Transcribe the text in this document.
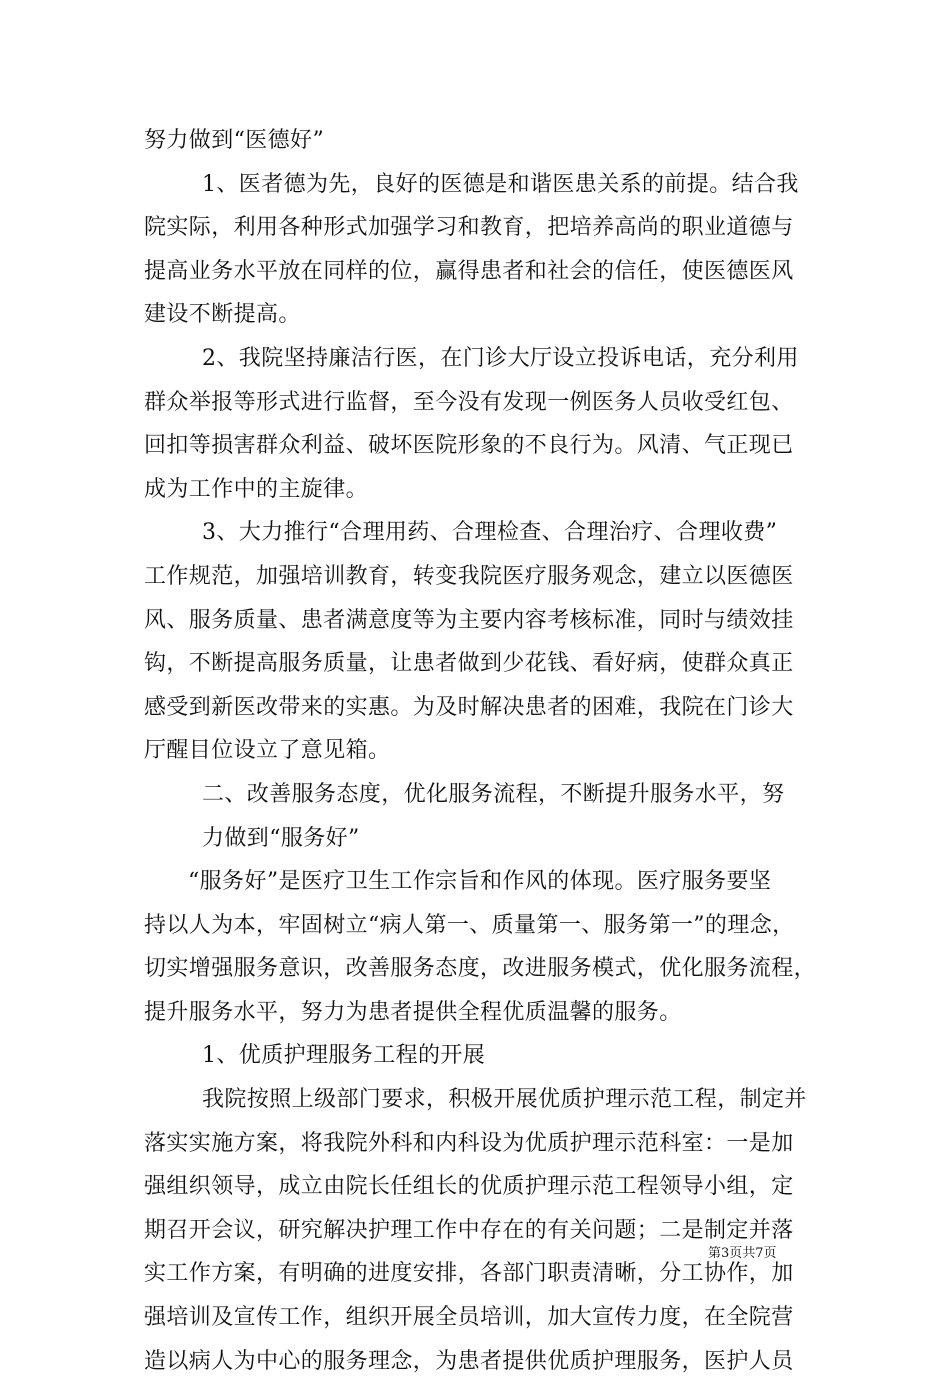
努力做到“医德好”
1、医者德为先，良好的医德是和谐医患关系的前提。结合我
院实际，利用各种形式加强学习和教育，把培养高尚的职业道德与
提高业务水平放在同样的位，赢得患者和社会的信任，使医德医风
建设不断提高。
2、我院坚持廉洁行医，在门诊大厅设立投诉电话，充分利用
群众举报等形式进行监督，至今没有发现一例医务人员收受红包、
回扣等损害群众利益、破坏医院形象的不良行为。风清、气正现已
成为工作中的主旋律。
3、大力推行“合理用药、合理检查、合理治疗、合理收费”
工作规范，加强培训教育，转变我院医疗服务观念，建立以医德医
风、服务质量、患者满意度等为主要内容考核标准，同时与绩效挂
钩，不断提高服务质量，让患者做到少花钱、看好病，使群众真正
感受到新医改带来的实惠。为及时解决患者的困难，我院在门诊大
厅醒目位设立了意见箱。
二、改善服务态度，优化服务流程，不断提升服务水平，努
力做到“服务好”
“服务好”是医疗卫生工作宗旨和作风的体现。医疗服务要坚
持以人为本，牢固树立“病人第一、质量第一、服务第一”的理念，
切实增强服务意识，改善服务态度，改进服务模式，优化服务流程，
提升服务水平，努力为患者提供全程优质温馨的服务。
1、优质护理服务工程的开展
我院按照上级部门要求，积极开展优质护理示范工程，制定并
落实实施方案，将我院外科和内科设为优质护理示范科室：一是加
强组织领导，成立由院长任组长的优质护理示范工程领导小组，定
期召开会议，研究解决护理工作中存在的有关问题；二是制定并落
实工作方案，有明确的进度安排，各部门职责清晰，分工协作，加
强培训及宣传工作，组织开展全员培训，加大宣传力度，在全院营
造以病人为中心的服务理念，为患者提供优质护理服务，医护人员
第3页共7页
